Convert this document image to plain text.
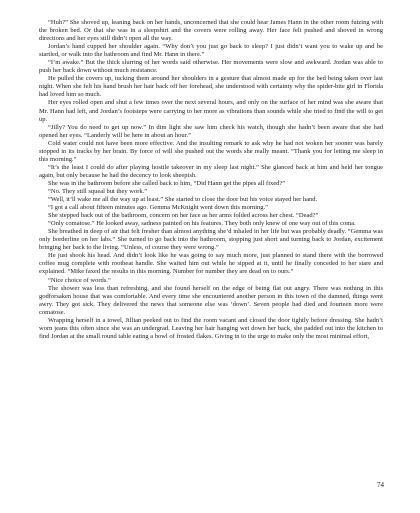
“Huh?” She shoved up, leaning back on her hands, unconcerned that she could hear James Hann in the other room futzing with the broken bed. Or that she was in a sleepshirt and the covers were rolling away. Her face felt pushed and shoved in wrong directions and her eyes still didn’t open all the way.

Jordan’s hand cupped her shoulder again. “Why don’t you just go back to sleep? I just didn’t want you to wake up and be startled, or walk into the bathroom and find Mr. Hann in there.”

“I’m awake.” But the thick slurring of her words said otherwise. Her movements were slow and awkward. Jordan was able to push her back down without much resistance.

He pulled the covers up, tucking them around her shoulders in a gesture that almost made up for the bed being taken over last night. When she felt his hand brush her hair back off her forehead, she understood with certainty why the spider-bite girl in Florida had loved him so much.

Her eyes rolled open and shut a few times over the next several hours, and only on the surface of her mind was she aware that Mr. Hann had left, and Jordan’s footsteps were carrying to her more as vibrations than sounds while she tried to find the will to get up.

“Jilly? You do need to get up now.” In dim light she saw him check his watch, though she hadn’t been aware that she had opened her eyes. “Landerly will be here in about an hour.”

Cold water could not have been more effective. And the insulting remark to ask why he had not woken her sooner was barely stopped in its tracks by her brain. By force of will she pushed out the words she really meant. “Thank you for letting me sleep in this morning.”

“It’s the least I could do after playing hostile takeover in my sleep last night.” She glanced back at him and held her tongue again, but only because he had the decency to look sheepish.

She was in the bathroom before she called back to him, “Did Hann get the pipes all fixed?”

“No. They still squeal but they work.”

“Well, it’ll wake me all the way up at least.” She started to close the door but his voice stayed her hand.

“I got a call about fifteen minutes ago. Gemma McKnight went down this morning.”

She stepped back out of the bathroom, concern on her face as her arms folded across her chest. “Dead?”

“Only comatose.” He looked away, sadness painted on his features. They both only knew of one way out of this coma.

She breathed in deep of air that felt fresher than almost anything she’d inhaled in her life but was probably deadly. “Gemma was only borderline on her labs.” She turned to go back into the bathroom, stopping just short and turning back to Jordan, excitement bringing her back to the living. “Unless, of course they were wrong.”

He just shook his head. And didn’t look like he was going to say much more, just planned to stand there with the borrowed coffee mug complete with rootbeat handle. She waited him out while he sipped at it, until he finally conceded to her stare and explained. “Mike faxed the results in this morning. Number for number they are dead on to ours.”

“Nice choice of words.”

The shower was less than refreshing, and she found herself on the edge of being flat out angry. There was nothing in this godforsaken house that was comfortable. And every time she encountered another person in this town of the damned, things went awry. They got sick. They delivered the news that someone else was ‘down’. Seven people had died and fourteen more were comatose.

Wrapping herself in a towel, Jillian peeked out to find the room vacant and closed the door tightly before dressing. She hadn’t worn jeans this often since she was an undergrad. Leaving her hair hanging wet down her back, she padded out into the kitchen to find Jordan at the small round table eating a bowl of frosted flakes. Giving in to the urge to make only the most minimal effort,

74
